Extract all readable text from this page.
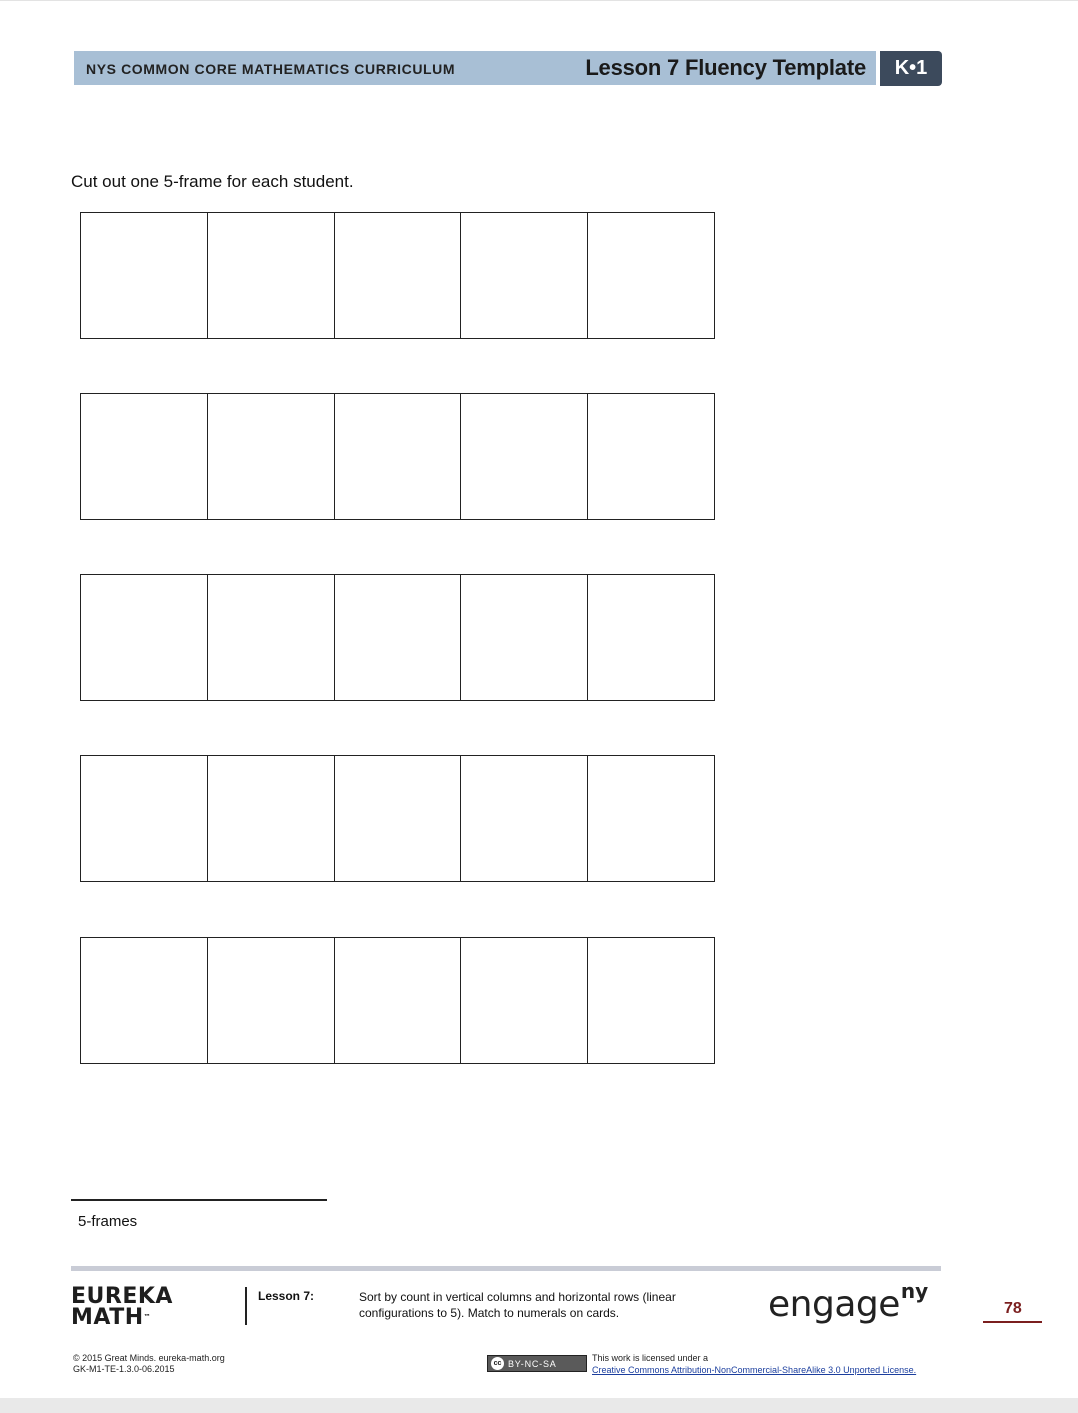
NYS COMMON CORE MATHEMATICS CURRICULUM	Lesson 7 Fluency Template	K•1
Cut out one 5-frame for each student.
5-frames
EUREKA
MATH™
Lesson 7:	Sort by count in vertical columns and horizontal rows (linear configurations to 5). Match to numerals on cards.	engageny
78
© 2015 Great Minds. eureka-math.org
GK-M1-TE-1.3.0-06.2015
cc BY-NC-SA
This work is licensed under a
Creative Commons Attribution-NonCommercial-ShareAlike 3.0 Unported License.
